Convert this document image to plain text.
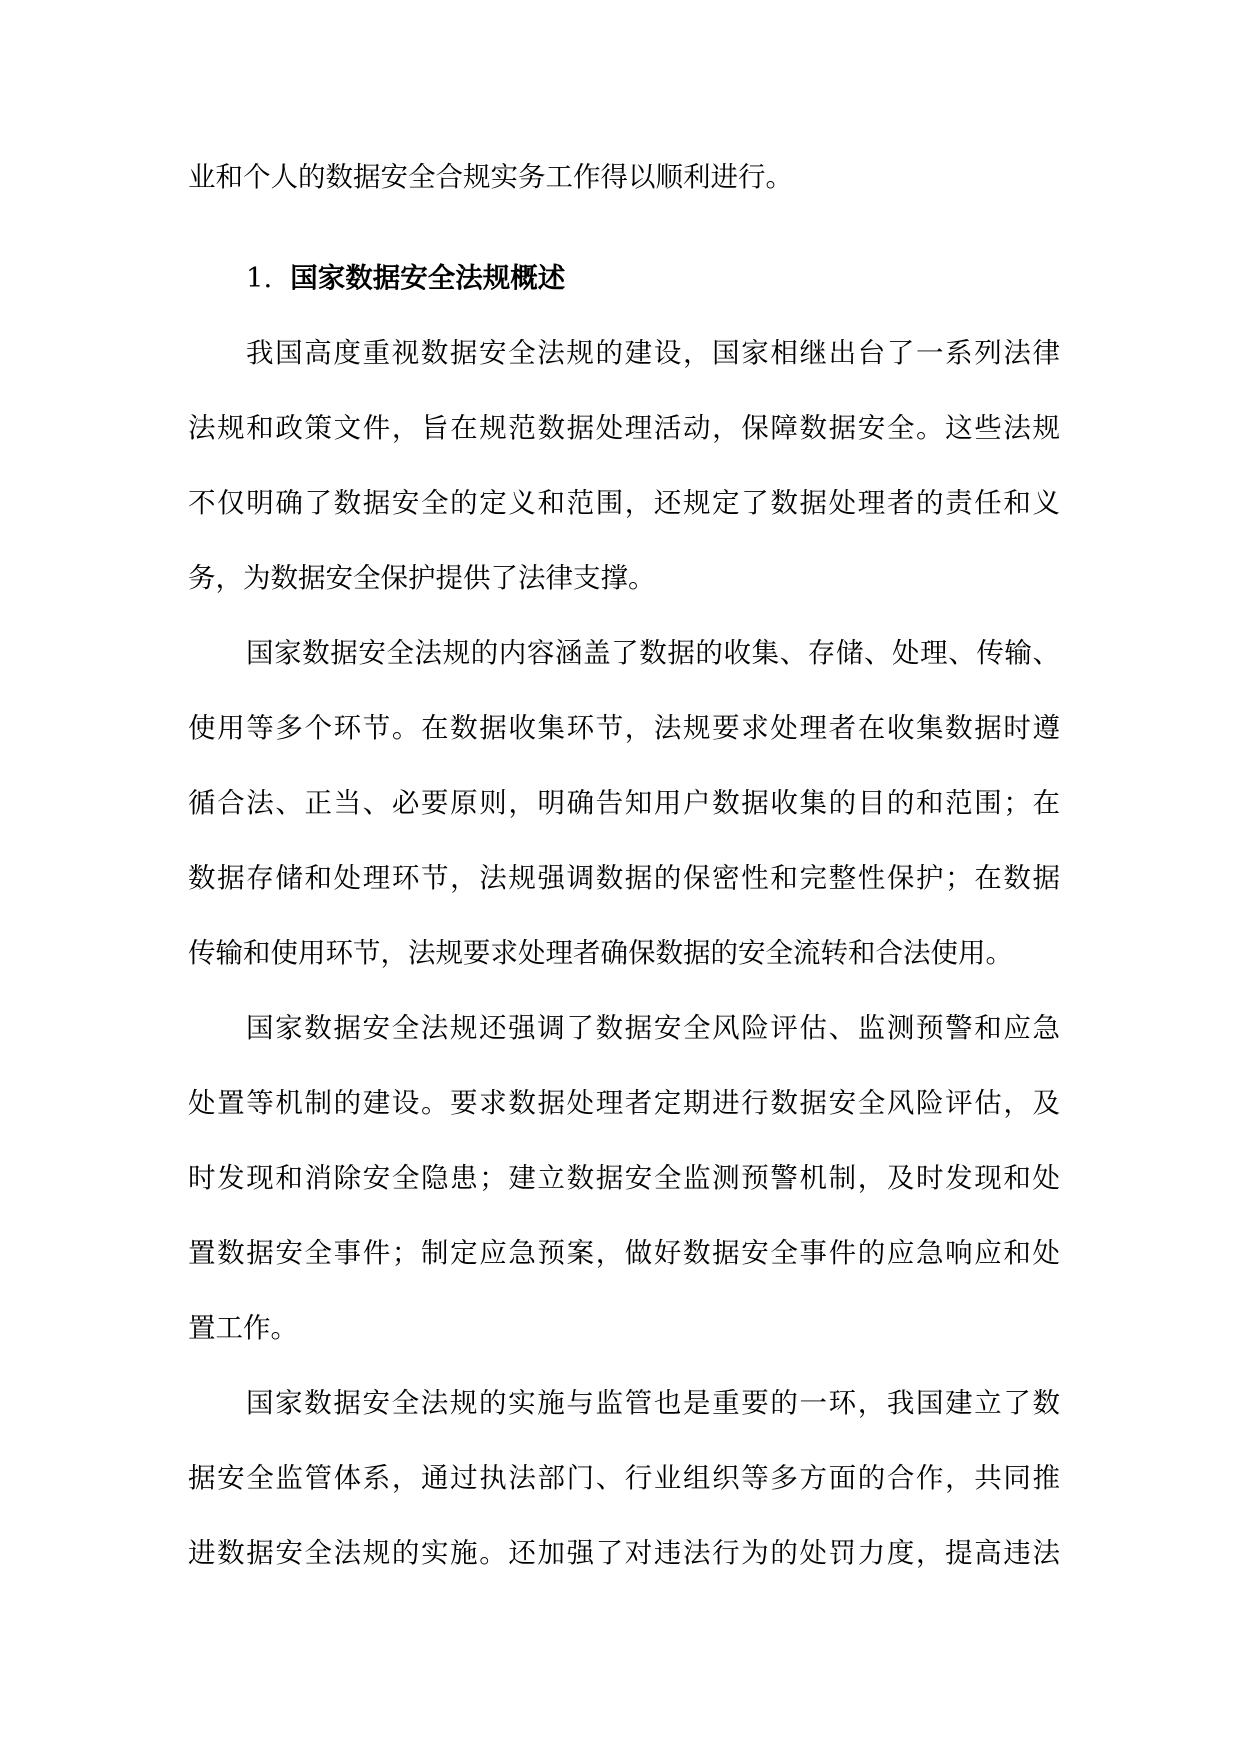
业和个人的数据安全合规实务工作得以顺利进行。
1. 国家数据安全法规概述
我国高度重视数据安全法规的建设，国家相继出台了一系列法律
法规和政策文件，旨在规范数据处理活动，保障数据安全。这些法规
不仅明确了数据安全的定义和范围，还规定了数据处理者的责任和义
务，为数据安全保护提供了法律支撑。
国家数据安全法规的内容涵盖了数据的收集、存储、处理、传输、
使用等多个环节。在数据收集环节，法规要求处理者在收集数据时遵
循合法、正当、必要原则，明确告知用户数据收集的目的和范围；在
数据存储和处理环节，法规强调数据的保密性和完整性保护；在数据
传输和使用环节，法规要求处理者确保数据的安全流转和合法使用。
国家数据安全法规还强调了数据安全风险评估、监测预警和应急
处置等机制的建设。要求数据处理者定期进行数据安全风险评估，及
时发现和消除安全隐患；建立数据安全监测预警机制，及时发现和处
置数据安全事件；制定应急预案，做好数据安全事件的应急响应和处
置工作。
国家数据安全法规的实施与监管也是重要的一环，我国建立了数
据安全监管体系，通过执法部门、行业组织等多方面的合作，共同推
进数据安全法规的实施。还加强了对违法行为的处罚力度，提高违法
